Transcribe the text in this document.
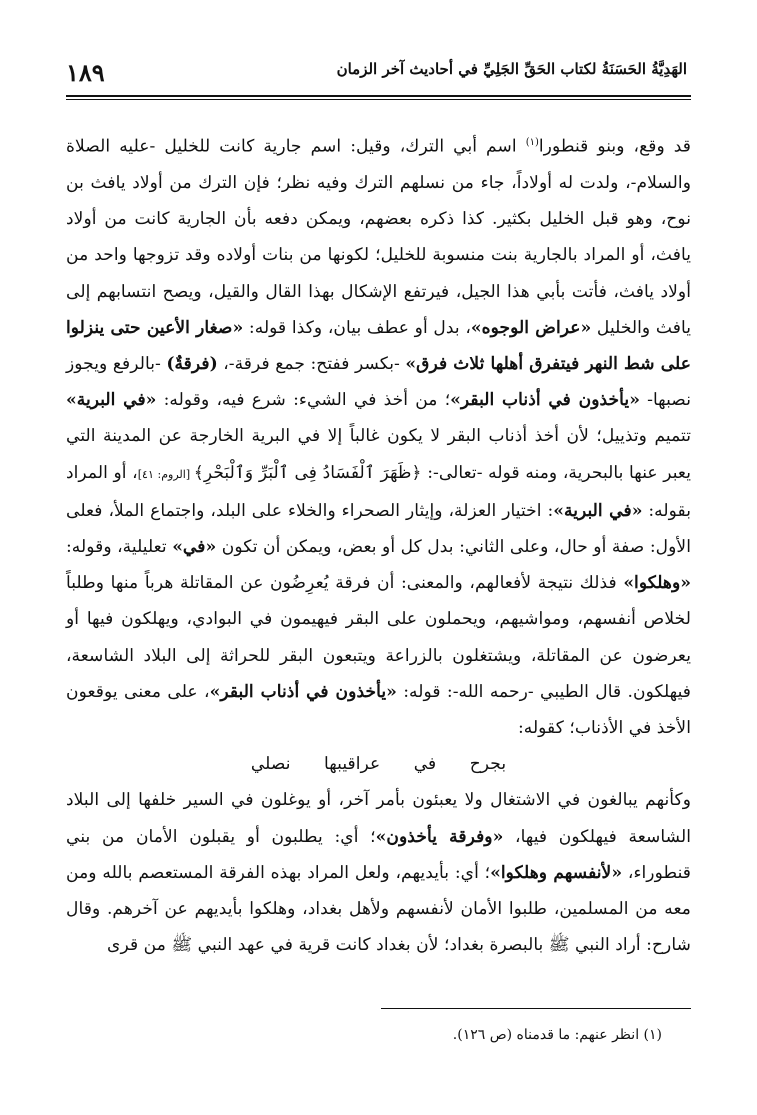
١٨٩	الهَدِيَّةُ الحَسَنَةُ لكتاب الحَقِّ الجَلِيِّ في أحاديث آخر الزمان

قد وقع، وبنو قنطورا$^{(١)}$ اسم أبي الترك، وقيل: اسم جارية كانت للخليل -عليه الصلاة والسلام-، ولدت له أولاداً، جاء من نسلهم الترك وفيه نظر؛ فإن الترك من أولاد يافث بن نوح، وهو قبل الخليل بكثير. كذا ذكره بعضهم، ويمكن دفعه بأن الجارية كانت من أولاد يافث، أو المراد بالجارية بنت منسوبة للخليل؛ لكونها من بنات أولاده وقد تزوجها واحد من أولاد يافث، فأتت بأبي هذا الجيل، فيرتفع الإشكال بهذا القال والقيل، ويصح انتسابهم إلى يافث والخليل «عراض الوجوه»، بدل أو عطف بيان، وكذا قوله: «صغار الأعين حتى ينزلوا على شط النهر فيتفرق أهلها ثلاث فرق» -بكسر ففتح: جمع فرقة-، (فرقةٌ) -بالرفع ويجوز نصبها- «يأخذون في أذناب البقر»؛ من أخذ في الشيء: شرع فيه، وقوله: «في البرية» تتميم وتذييل؛ لأن أخذ أذناب البقر لا يكون غالباً إلا في البرية الخارجة عن المدينة التي يعبر عنها بالبحرية، ومنه قوله -تعالى-: ﴿ظَهَرَ ٱلْفَسَادُ فِى ٱلْبَرِّ وَٱلْبَحْرِ﴾ [الروم: ٤١]، أو المراد بقوله: «في البرية»: اختيار العزلة، وإيثار الصحراء والخلاء على البلد، واجتماع الملأ، فعلى الأول: صفة أو حال، وعلى الثاني: بدل كل أو بعض، ويمكن أن تكون «في» تعليلية، وقوله: «وهلكوا» فذلك نتيجة لأفعالهم، والمعنى: أن فرقة يُعرِضُون عن المقاتلة هرباً منها وطلباً لخلاص أنفسهم، ومواشيهم، ويحملون على البقر فيهيمون في البوادي، ويهلكون فيها أو يعرضون عن المقاتلة، ويشتغلون بالزراعة ويتبعون البقر للحراثة إلى البلاد الشاسعة، فيهلكون. قال الطيبي -رحمه الله-: قوله: «يأخذون في أذناب البقر»، على معنى يوقعون الأخذ في الأذناب؛ كقوله:

بجرح في عراقيبها نصلي

وكأنهم يبالغون في الاشتغال ولا يعبئون بأمر آخر، أو يوغلون في السير خلفها إلى البلاد الشاسعة فيهلكون فيها، «وفرقة يأخذون»؛ أي: يطلبون أو يقبلون الأمان من بني قنطوراء، «لأنفسهم وهلكوا»؛ أي: بأيديهم، ولعل المراد بهذه الفرقة المستعصم بالله ومن معه من المسلمين، طلبوا الأمان لأنفسهم ولأهل بغداد، وهلكوا بأيديهم عن آخرهم. وقال شارح: أراد النبي ﷺ بالبصرة بغداد؛ لأن بغداد كانت قرية في عهد النبي ﷺ من قرى

(١) انظر عنهم: ما قدمناه (ص ١٢٦).
